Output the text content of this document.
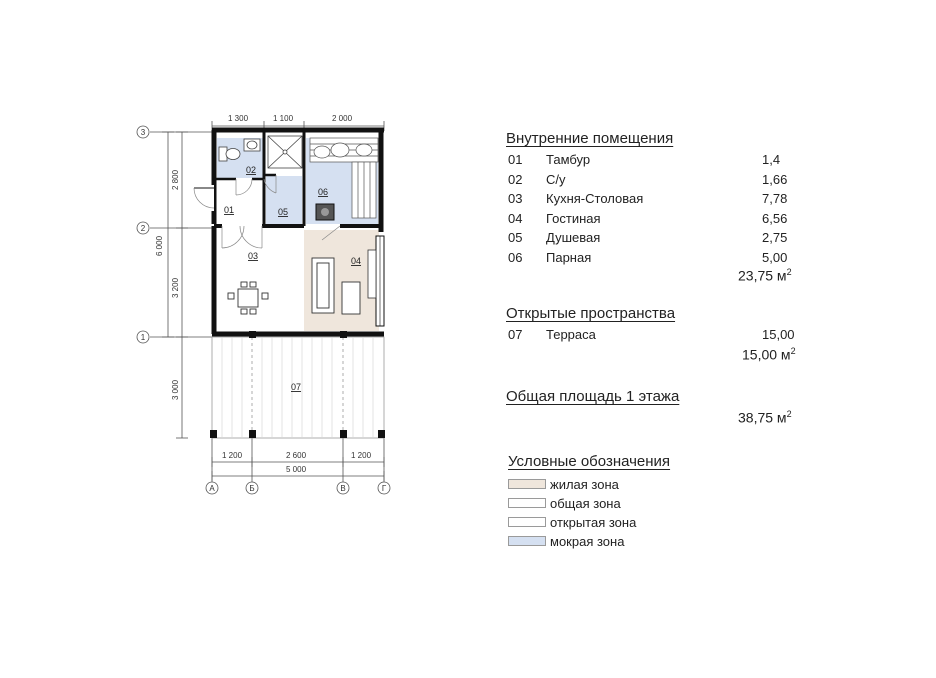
01
02
03	04
05
06
07
1 300	1 100	2 000
2 800
6 000
3 200
3 000
1 200	2 600	1 200
5 000
3
2
1
А	Б	В	Г
Внутренние помещения
01 Тамбур	1,4
02 С/у	1,66
03 Кухня-Столовая	7,78
04 Гостиная	6,56
05 Душевая	2,75
06 Парная	5,00
23,75 $м^2$
Открытые пространства
07 Терраса	15,00
15,00 $м^2$
Общая площадь 1 этажа
38,75 $м^2$
Условные обозначения
жилая зона
общая зона
открытая зона
мокрая зона
